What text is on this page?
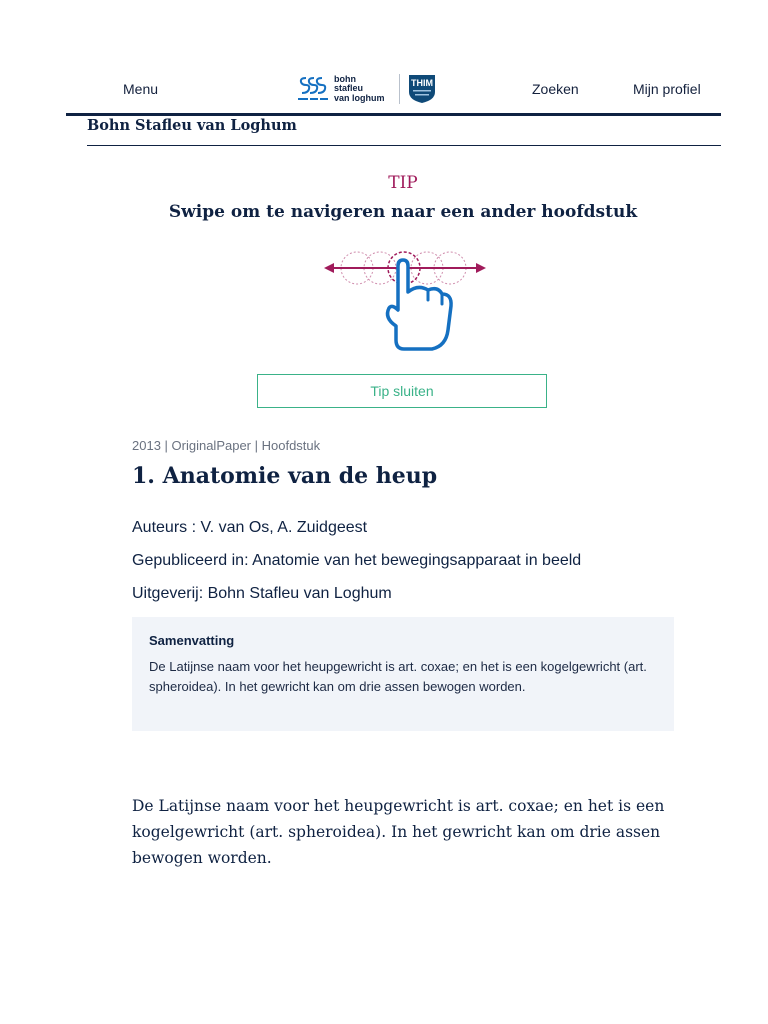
Menu
bohn
stafleu
van loghum
THIM	Zoeken	Mijn profiel
Bohn Stafleu van Loghum
TIP
Swipe om te navigeren naar een ander hoofdstuk
Tip sluiten
2013 | OriginalPaper | Hoofdstuk
1. Anatomie van de heup
Auteurs : V. van Os, A. Zuidgeest
Gepubliceerd in: Anatomie van het bewegingsapparaat in beeld
Uitgeverij: Bohn Stafleu van Loghum
Samenvatting
De Latijnse naam voor het heupgewricht is art. coxae; en het is een kogelgewricht (art. spheroidea). In het gewricht kan om drie assen bewogen worden.
De Latijnse naam voor het heupgewricht is art. coxae; en het is een kogelgewricht (art. spheroidea). In het gewricht kan om drie assen bewogen worden.
